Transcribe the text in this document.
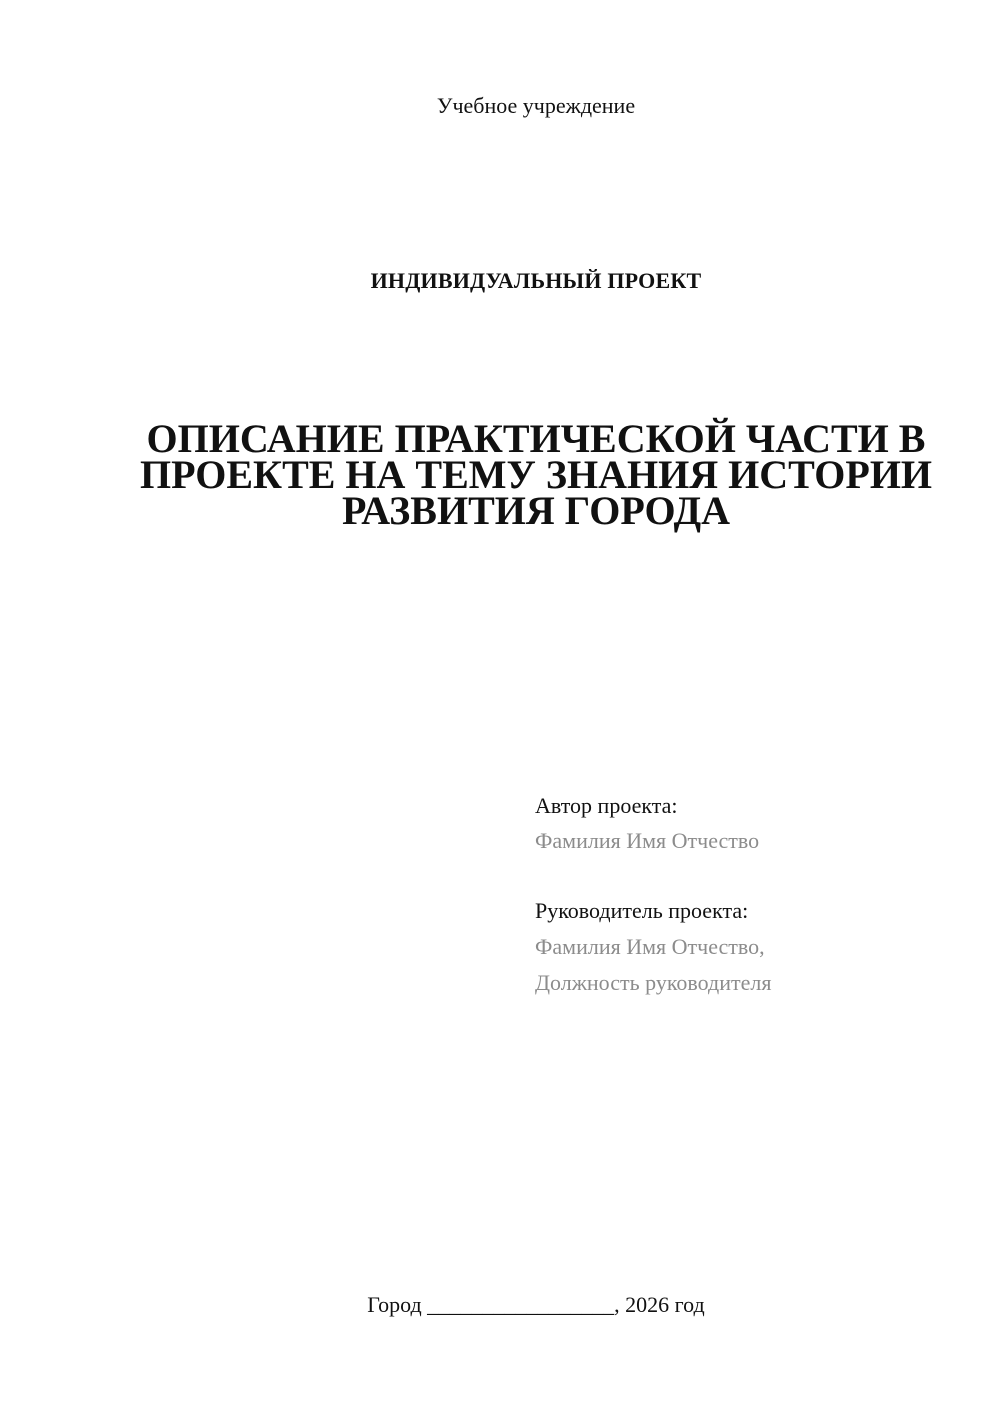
Учебное учреждение
ИНДИВИДУАЛЬНЫЙ ПРОЕКТ
ОПИСАНИЕ ПРАКТИЧЕСКОЙ ЧАСТИ В
ПРОЕКТЕ НА ТЕМУ ЗНАНИЯ ИСТОРИИ
РАЗВИТИЯ ГОРОДА
Автор проекта:
Фамилия Имя Отчество
Руководитель проекта:
Фамилия Имя Отчество,
Должность руководителя
Город _________________, 2026 год
